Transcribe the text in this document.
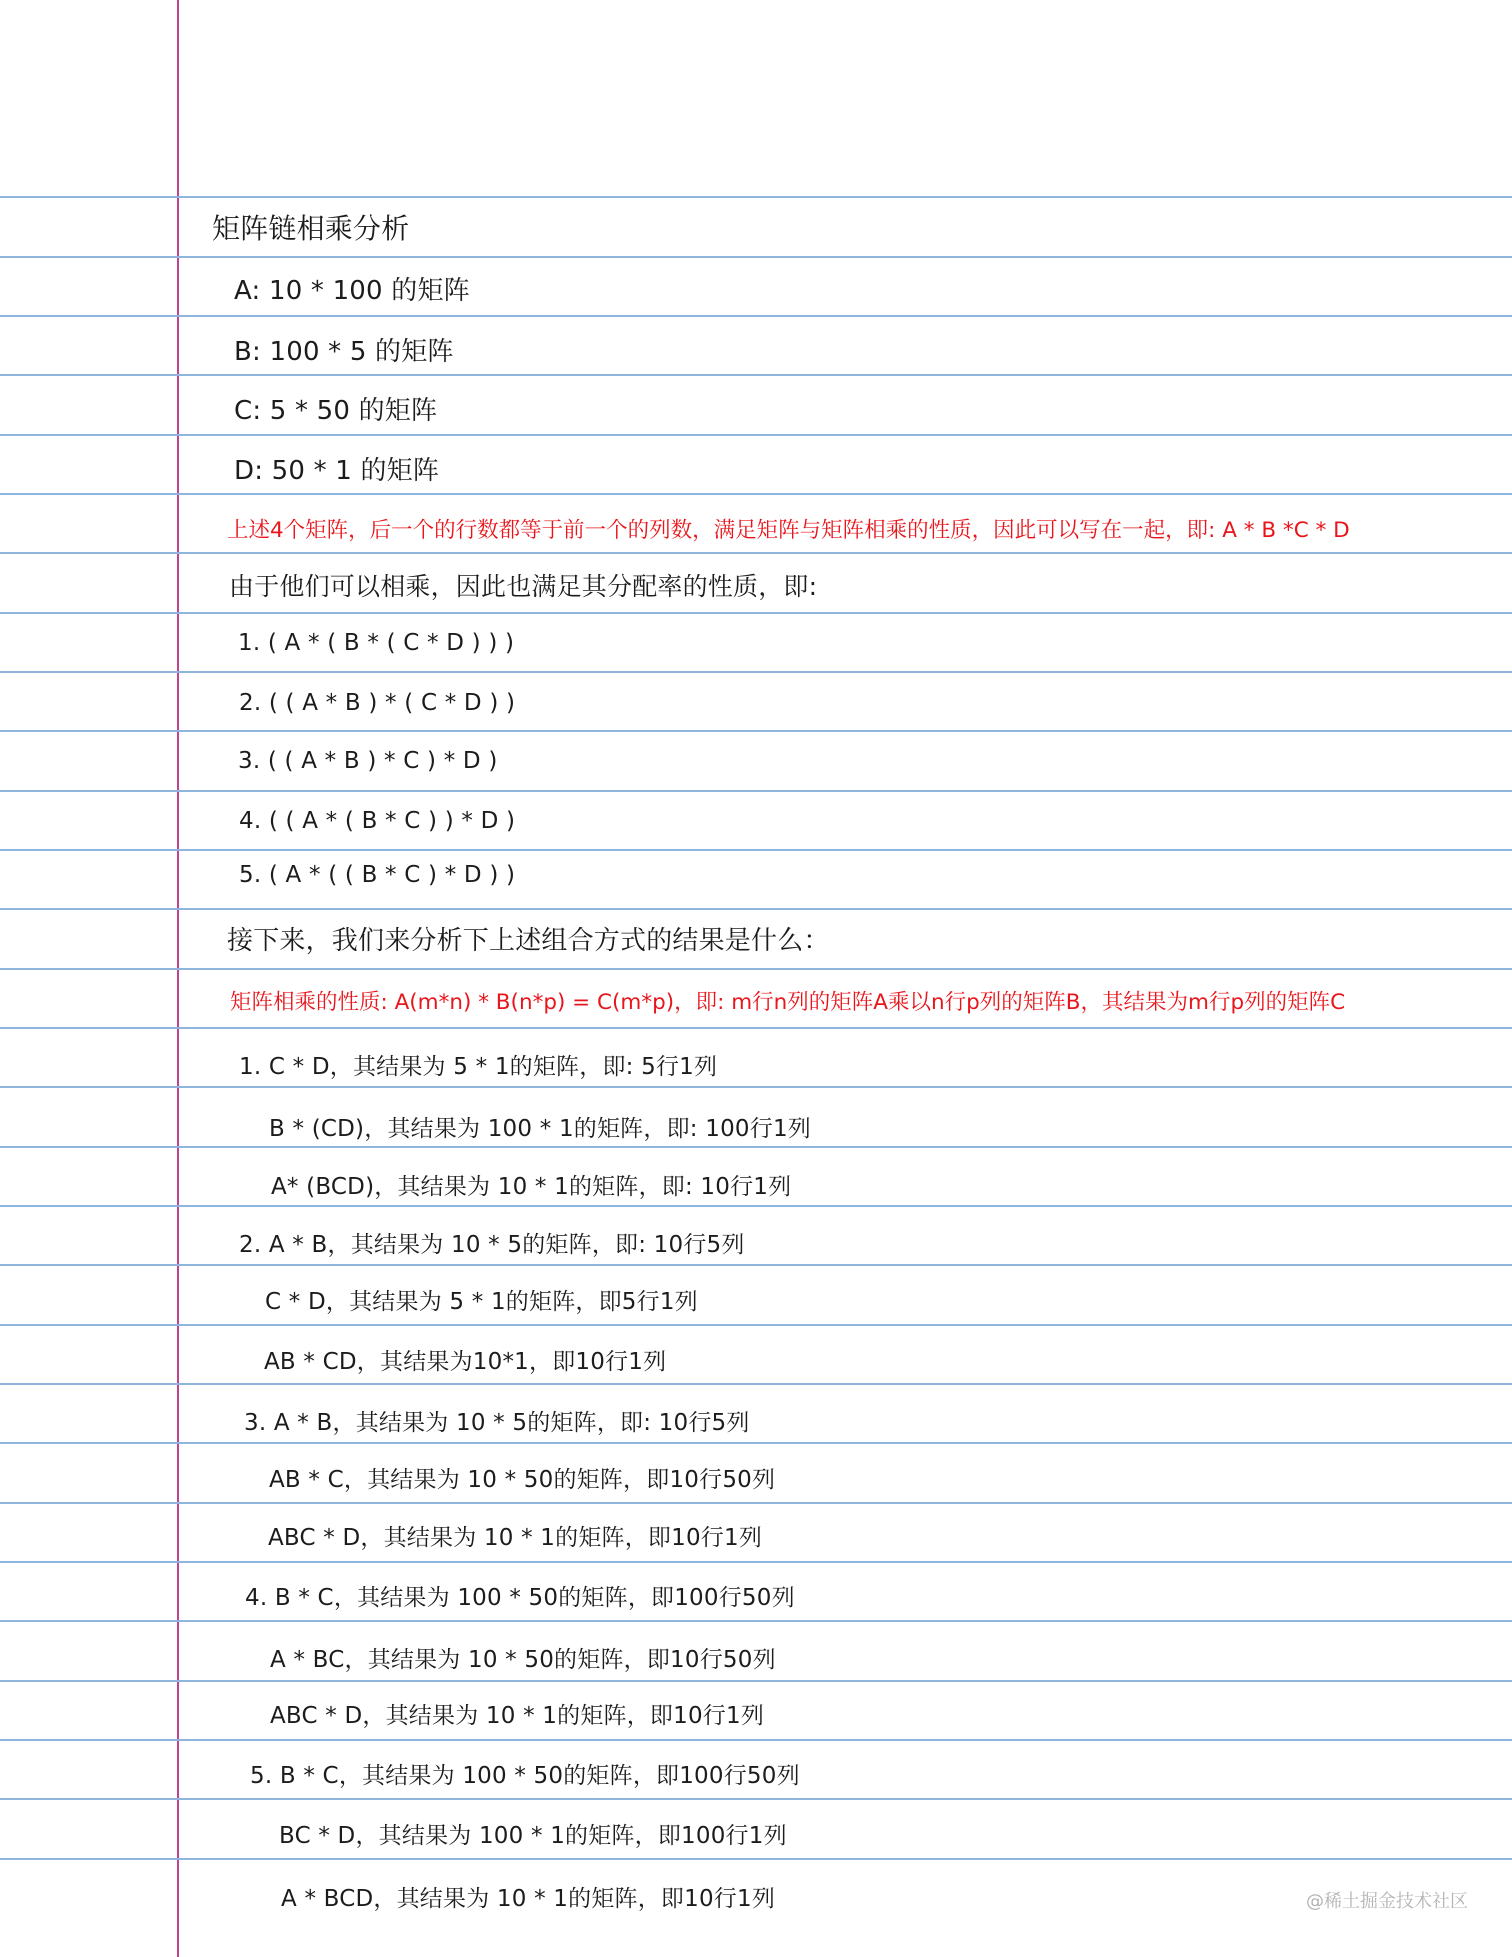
矩阵链相乘分析
A: 10 * 100 的矩阵
B: 100 * 5 的矩阵
C: 5 * 50 的矩阵
D: 50 * 1 的矩阵
上述4个矩阵，后一个的行数都等于前一个的列数，满足矩阵与矩阵相乘的性质，因此可以写在一起，即: A * B *C * D
由于他们可以相乘，因此也满足其分配率的性质，即:
1. ( A * ( B * ( C * D ) ) )
2. ( ( A * B ) * ( C * D ) )
3. ( ( A * B ) * C ) * D )
4. ( ( A * ( B * C ) ) * D )
5. ( A * ( ( B * C ) * D ) )
接下来，我们来分析下上述组合方式的结果是什么：
矩阵相乘的性质: A(m*n) * B(n*p) = C(m*p)，即: m行n列的矩阵A乘以n行p列的矩阵B，其结果为m行p列的矩阵C
1. C * D，其结果为 5 * 1的矩阵，即: 5行1列
B * (CD)，其结果为 100 * 1的矩阵，即: 100行1列
A* (BCD)，其结果为 10 * 1的矩阵，即: 10行1列
2. A * B，其结果为 10 * 5的矩阵，即: 10行5列
C * D，其结果为 5 * 1的矩阵，即5行1列
AB * CD，其结果为10*1，即10行1列
3. A * B，其结果为 10 * 5的矩阵，即: 10行5列
AB * C，其结果为 10 * 50的矩阵，即10行50列
ABC * D，其结果为 10 * 1的矩阵，即10行1列
4. B * C，其结果为 100 * 50的矩阵，即100行50列
A * BC，其结果为 10 * 50的矩阵，即10行50列
ABC * D，其结果为 10 * 1的矩阵，即10行1列
5. B * C，其结果为 100 * 50的矩阵，即100行50列
BC * D，其结果为 100 * 1的矩阵，即100行1列
A * BCD，其结果为 10 * 1的矩阵，即10行1列	@稀土掘金技术社区
